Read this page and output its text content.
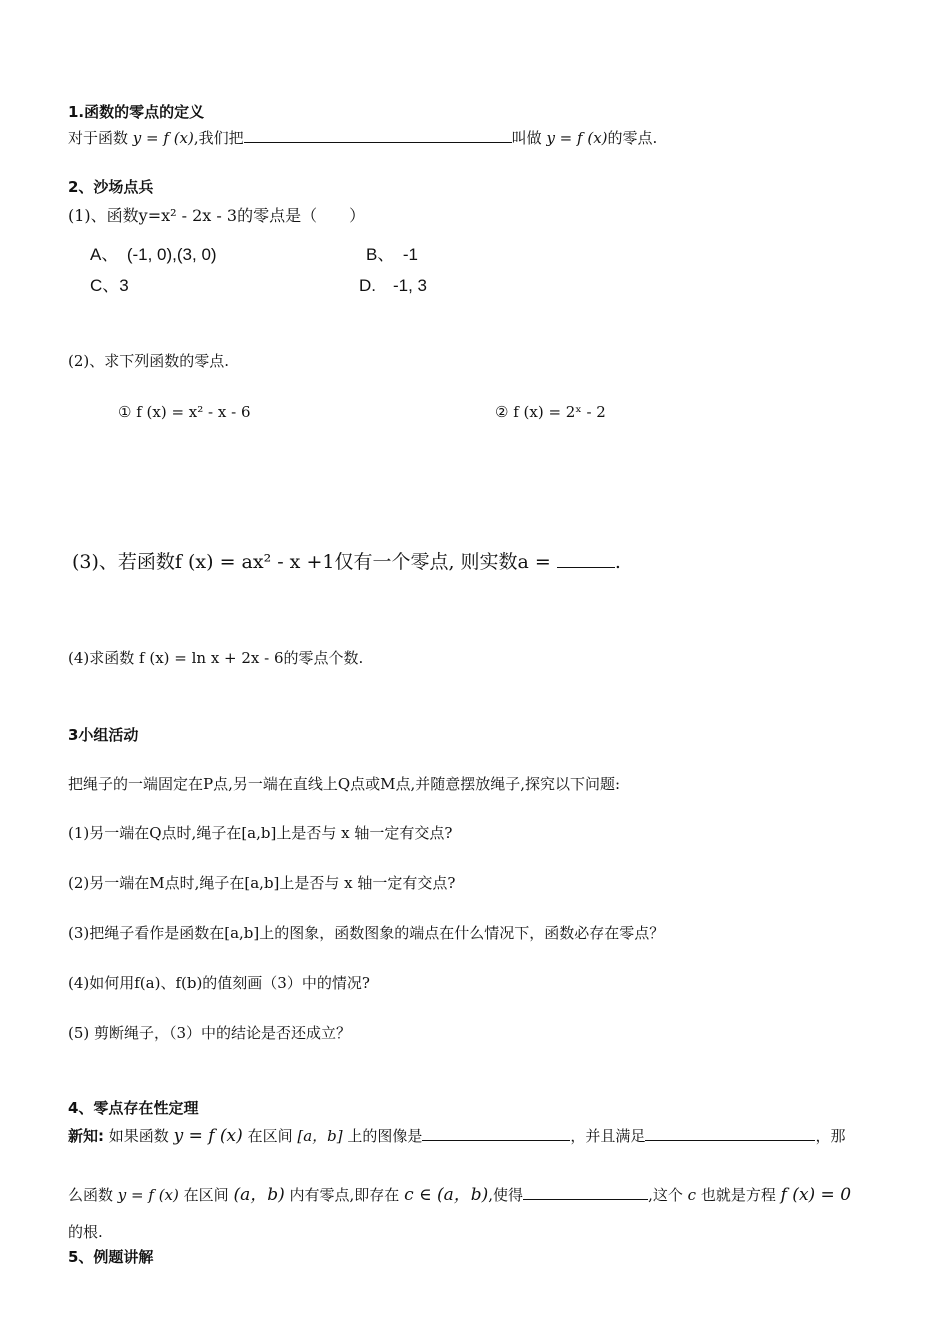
1.函数的零点的定义
对于函数 y = f (x),我们把	叫做 y = f (x)的零点.
2、沙场点兵
(1)、函数y=x² - 2x - 3的零点是（　　）
A、　(-1, 0),(3, 0)	B、　-1
C、3	D.　-1, 3
(2)、求下列函数的零点.
① f (x) = x² - x - 6	② f (x) = 2ˣ - 2
(3)、若函数f (x) = ax² - x +1仅有一个零点, 则实数a =	.
(4)求函数 f (x) = ln x + 2x - 6的零点个数.
3小组活动
把绳子的一端固定在P点,另一端在直线上Q点或M点,并随意摆放绳子,探究以下问题:
(1)另一端在Q点时,绳子在[a,b]上是否与 x 轴一定有交点?
(2)另一端在M点时,绳子在[a,b]上是否与 x 轴一定有交点?
(3)把绳子看作是函数在[a,b]上的图象，函数图象的端点在什么情况下，函数必存在零点？
(4)如何用f(a)、f(b)的值刻画（3）中的情况?
(5) 剪断绳子，（3）中的结论是否还成立？
4、零点存在性定理
新知: 如果函数 y = f (x) 在区间 [a，b] 上的图像是	，并且满足	，那
么函数 y = f (x) 在区间 (a，b) 内有零点,即存在 c ∈ (a，b),使得	,这个 c 也就是方程 f (x) = 0
的根.
5、例题讲解
